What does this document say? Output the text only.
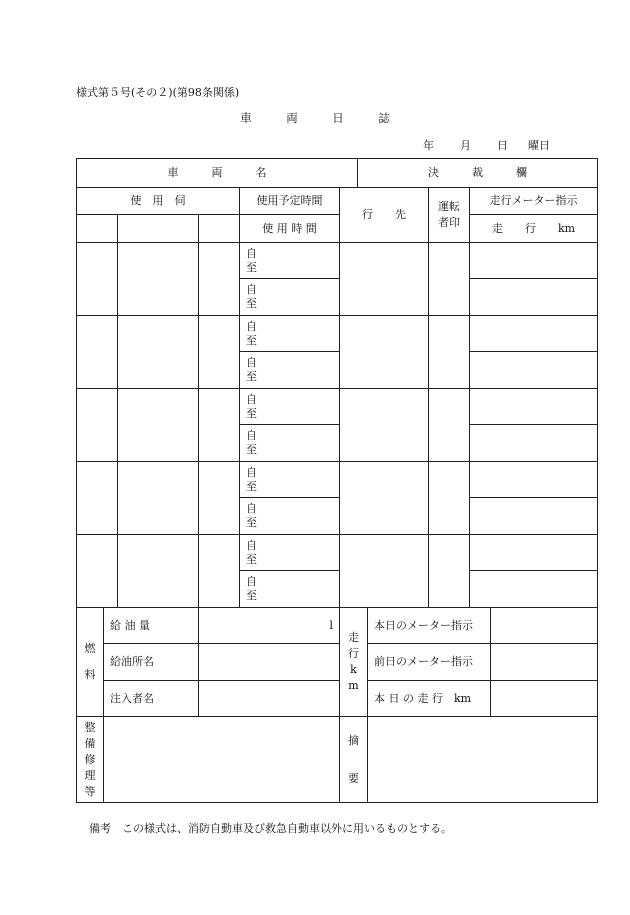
様式第５号(その２)(第98条関係)
車　　　両　　　日　　　誌
年 月 日 曜日
車　　　両　　　名						決　　　裁　　　欄				
使　用　伺				使用予定時間	行　　先			運転者印	走行メーター指示	
				使 用 時 間					走　　行　　km	
				自
至						
				自
至						
				自
至						
				自
至						
				自
至						
				自
至						
				自
至						
				自
至						
				自
至						
				自
至						
燃料	給 油 量		l		走行km		本日のメーター指示			
	給油所名						前日のメーター指示			
	注入者名						本 日 の 走 行　km			
整備修理等					摘要					
備考　この様式は、消防自動車及び救急自動車以外に用いるものとする。
